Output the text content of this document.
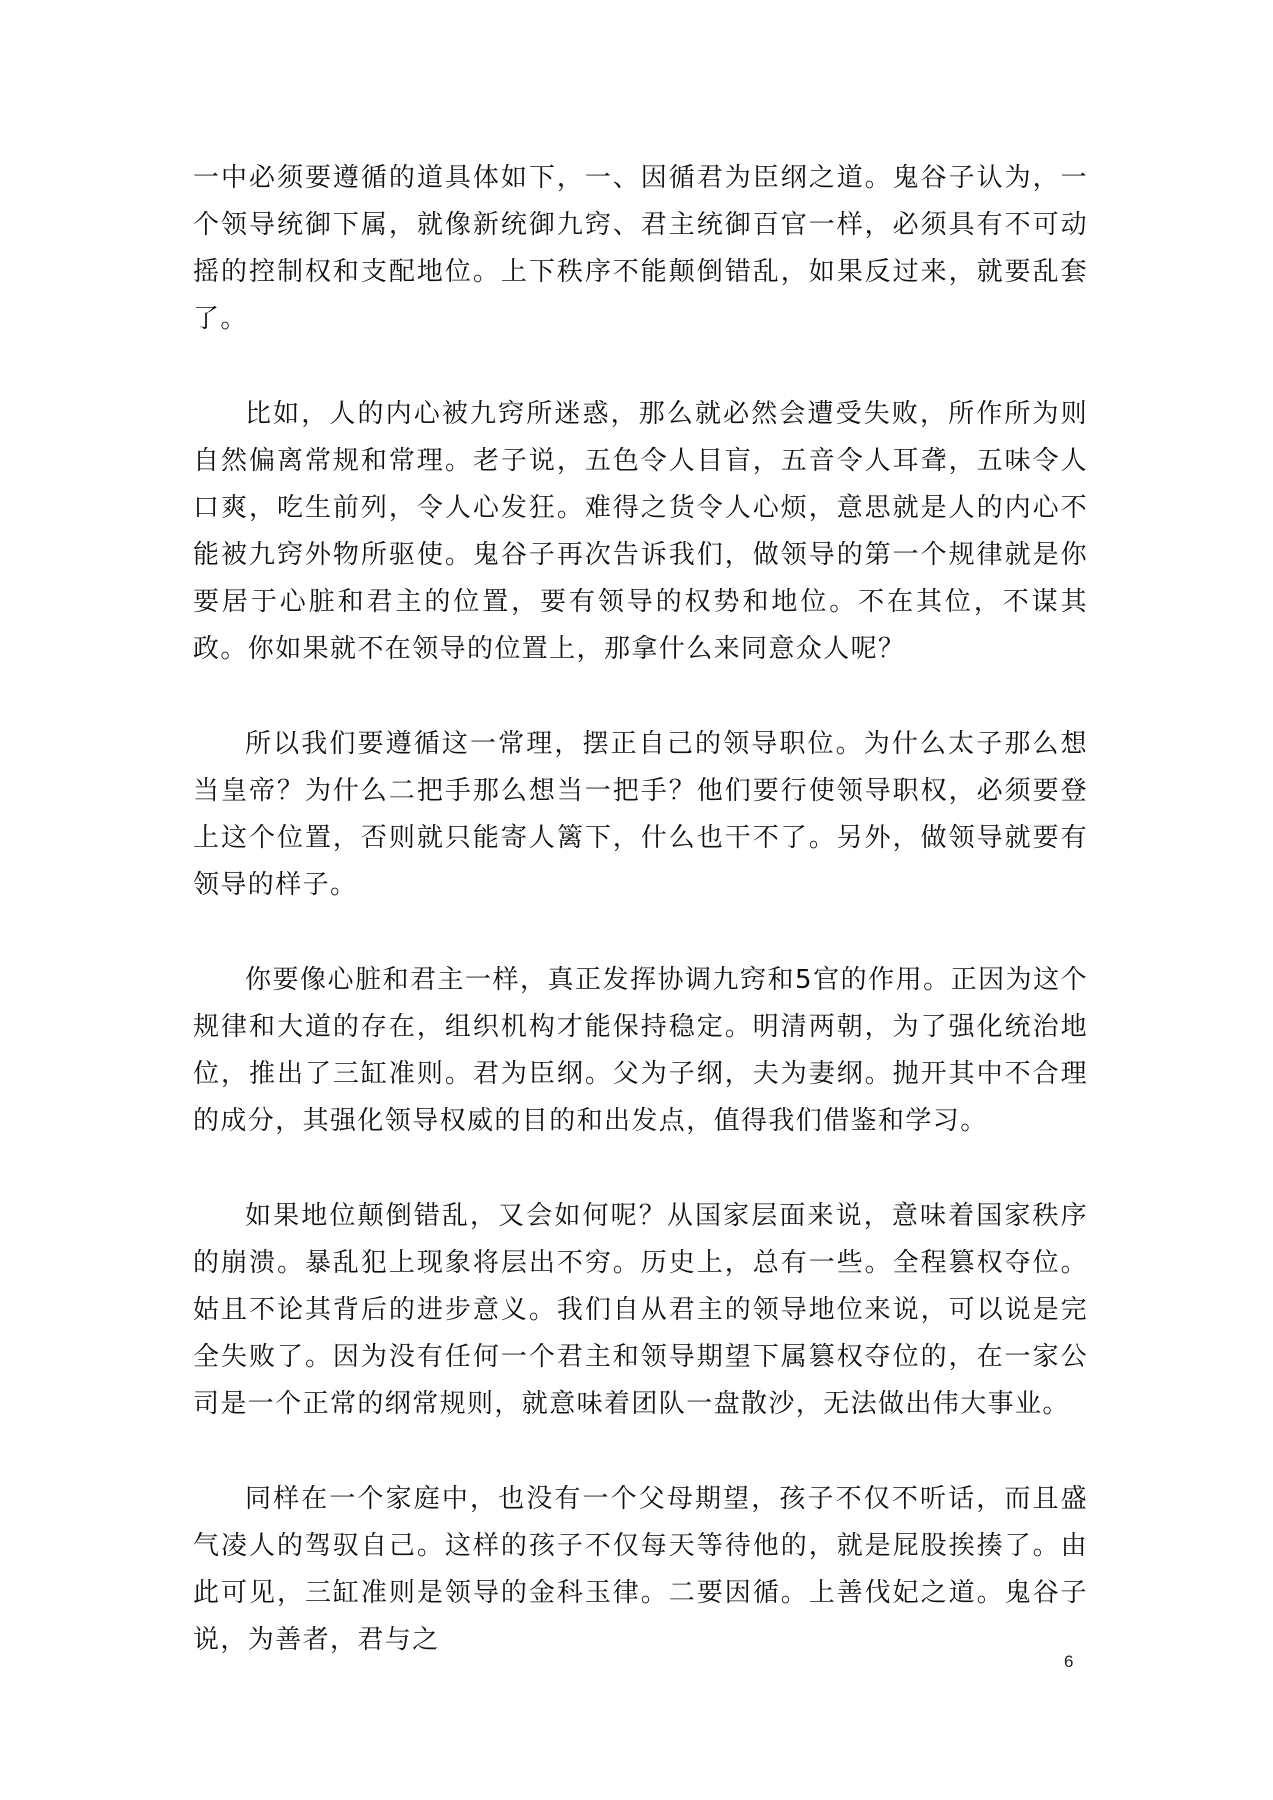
一中必须要遵循的道具体如下，一、因循君为臣纲之道。鬼谷子认为，一个领导统御下属，就像新统御九窍、君主统御百官一样，必须具有不可动摇的控制权和支配地位。上下秩序不能颠倒错乱，如果反过来，就要乱套了。

比如，人的内心被九窍所迷惑，那么就必然会遭受失败，所作所为则自然偏离常规和常理。老子说，五色令人目盲，五音令人耳聋，五味令人口爽，吃生前列，令人心发狂。难得之货令人心烦，意思就是人的内心不能被九窍外物所驱使。鬼谷子再次告诉我们，做领导的第一个规律就是你要居于心脏和君主的位置，要有领导的权势和地位。不在其位，不谋其政。你如果就不在领导的位置上，那拿什么来同意众人呢？

所以我们要遵循这一常理，摆正自己的领导职位。为什么太子那么想当皇帝？为什么二把手那么想当一把手？他们要行使领导职权，必须要登上这个位置，否则就只能寄人篱下，什么也干不了。另外，做领导就要有领导的样子。

你要像心脏和君主一样，真正发挥协调九窍和5官的作用。正因为这个规律和大道的存在，组织机构才能保持稳定。明清两朝，为了强化统治地位，推出了三缸准则。君为臣纲。父为子纲，夫为妻纲。抛开其中不合理的成分，其强化领导权威的目的和出发点，值得我们借鉴和学习。

如果地位颠倒错乱，又会如何呢？从国家层面来说，意味着国家秩序的崩溃。暴乱犯上现象将层出不穷。历史上，总有一些。全程篡权夺位。姑且不论其背后的进步意义。我们自从君主的领导地位来说，可以说是完全失败了。因为没有任何一个君主和领导期望下属篡权夺位的，在一家公司是一个正常的纲常规则，就意味着团队一盘散沙，无法做出伟大事业。

同样在一个家庭中，也没有一个父母期望，孩子不仅不听话，而且盛气凌人的驾驭自己。这样的孩子不仅每天等待他的，就是屁股挨揍了。由此可见，三缸准则是领导的金科玉律。二要因循。上善伐妃之道。鬼谷子说，为善者，君与之

6
